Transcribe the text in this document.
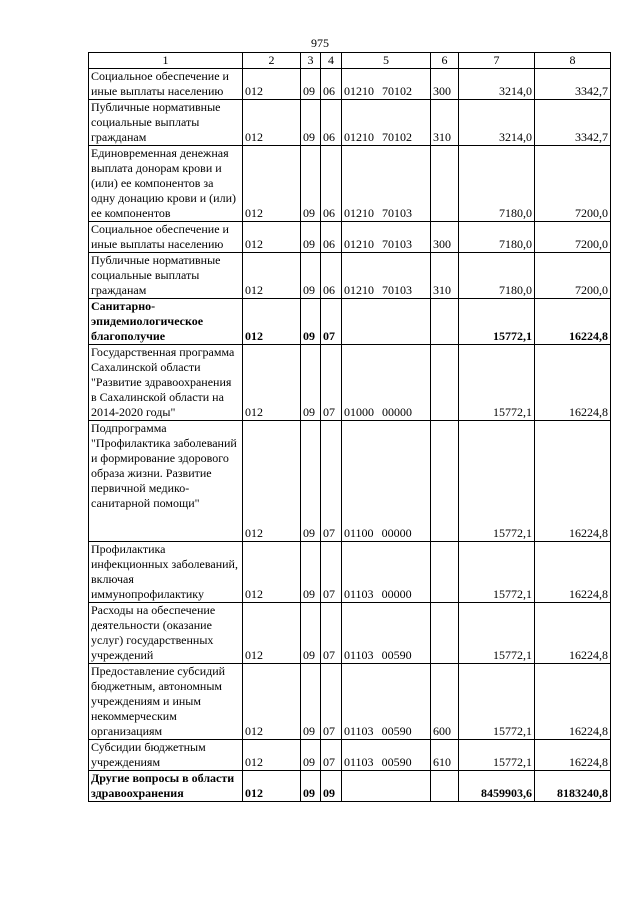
975
1	2	3	4	5	6	7	8
Социальное обеспечение и иные выплаты населению	012	09	06	01210 70102	300	3214,0	3342,7
Публичные нормативные социальные выплаты гражданам	012	09	06	01210 70102	310	3214,0	3342,7
Единовременная денежная выплата донорам крови и (или) ее компонентов за одну донацию крови и (или) ее компонентов	012	09	06	01210 70103		7180,0	7200,0
Социальное обеспечение и иные выплаты населению	012	09	06	01210 70103	300	7180,0	7200,0
Публичные нормативные социальные выплаты гражданам	012	09	06	01210 70103	310	7180,0	7200,0
Санитарно-эпидемиологическое благополучие	012	09	07			15772,1	16224,8
Государственная программа Сахалинской области "Развитие здравоохранения в Сахалинской области на 2014-2020 годы"	012	09	07	01000 00000		15772,1	16224,8
Подпрограмма "Профилактика заболеваний и формирование здорового образа жизни. Развитие первичной медико-санитарной помощи"	012	09	07	01100 00000		15772,1	16224,8
Профилактика инфекционных заболеваний, включая иммунопрофилактику	012	09	07	01103 00000		15772,1	16224,8
Расходы на обеспечение деятельности (оказание услуг) государственных учреждений	012	09	07	01103 00590		15772,1	16224,8
Предоставление субсидий бюджетным, автономным учреждениям и иным некоммерческим организациям	012	09	07	01103 00590	600	15772,1	16224,8
Субсидии бюджетным учреждениям	012	09	07	01103 00590	610	15772,1	16224,8
Другие вопросы в области здравоохранения	012	09	09			8459903,6	8183240,8
